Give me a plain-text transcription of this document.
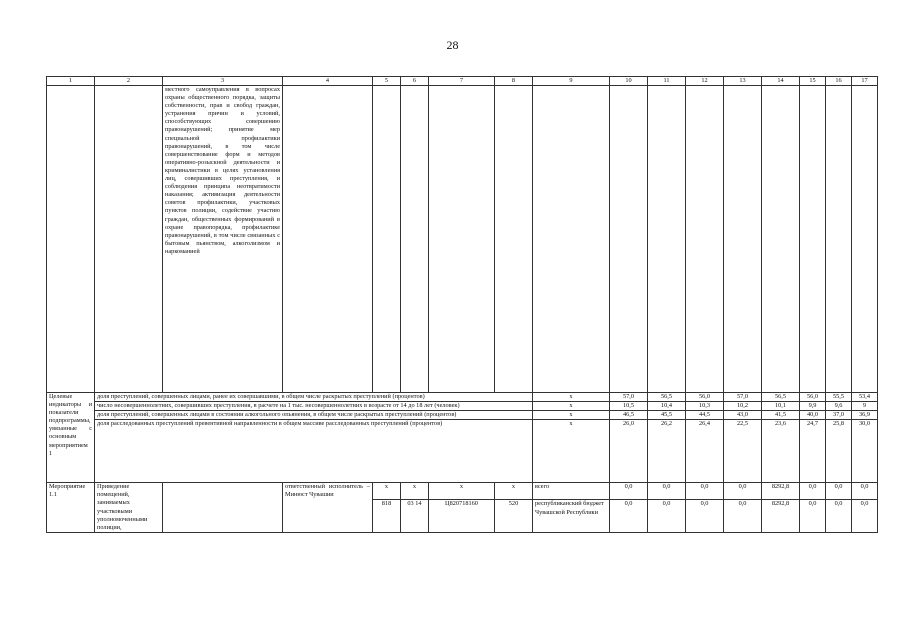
28
1	2	3	4	5	6	7	8	9	10	11	12	13	14	15	16	17
		местного самоуправления в вопросах охраны общественного порядка, защиты собственности, прав и свобод граждан, устранения причин и условий, способствующих совершению правонарушений; принятие мер специальной профилактики правонарушений, в том числе совершенствование форм и методов оперативно-розыскной деятельности и криминалистики в целях установления лиц, совершивших преступления, и соблюдения принципа неотвратимости наказания; активизация деятельности советов профилактики, участковых пунктов полиции, содействие участию граждан, общественных формирований в охране правопорядка, профилактике правонарушений, в том числе связанных с бытовым пьянством, алкоголизмом и наркоманией														
Целевые индикаторы и показатели подпрограммы, увязанные с основным мероприятием 1	доля преступлений, совершенных лицами, ранее их совершавшими, в общем числе раскрытых преступлений (процентов)							x	57,0	56,5	56,0	57,0	56,5	56,0	55,5	53,4
	число несовершеннолетних, совершивших преступления, в расчете на 1 тыс. несовершеннолетних в возрасте от 14 до 18 лет (человек)							x	10,5	10,4	10,3	10,2	10,1	9,9	9,6	9
	доля преступлений, совершенных лицами в состоянии алкогольного опьянения, в общем числе раскрытых преступлений (процентов)							x	46,5	45,5	44,5	43,0	41,5	40,0	37,0	36,9
	доля расследованных преступлений превентивной направленности в общем массиве расследованных преступлений (процентов)							x	26,0	26,2	26,4	22,5	23,6	24,7	25,8	30,0
Мероприятие 1.1	Приведение помещений, занимаемых участковыми уполномоченными полиции,		ответственный исполнитель – Минюст Чувашии	x	x	x	x	всего	0,0	0,0	0,0	0,0	8292,8	0,0	0,0	0,0
				818	03 14	Ц820718160	520	республиканский бюджет Чувашской Республики	0,0	0,0	0,0	0,0	8292,8	0,0	0,0	0,0
